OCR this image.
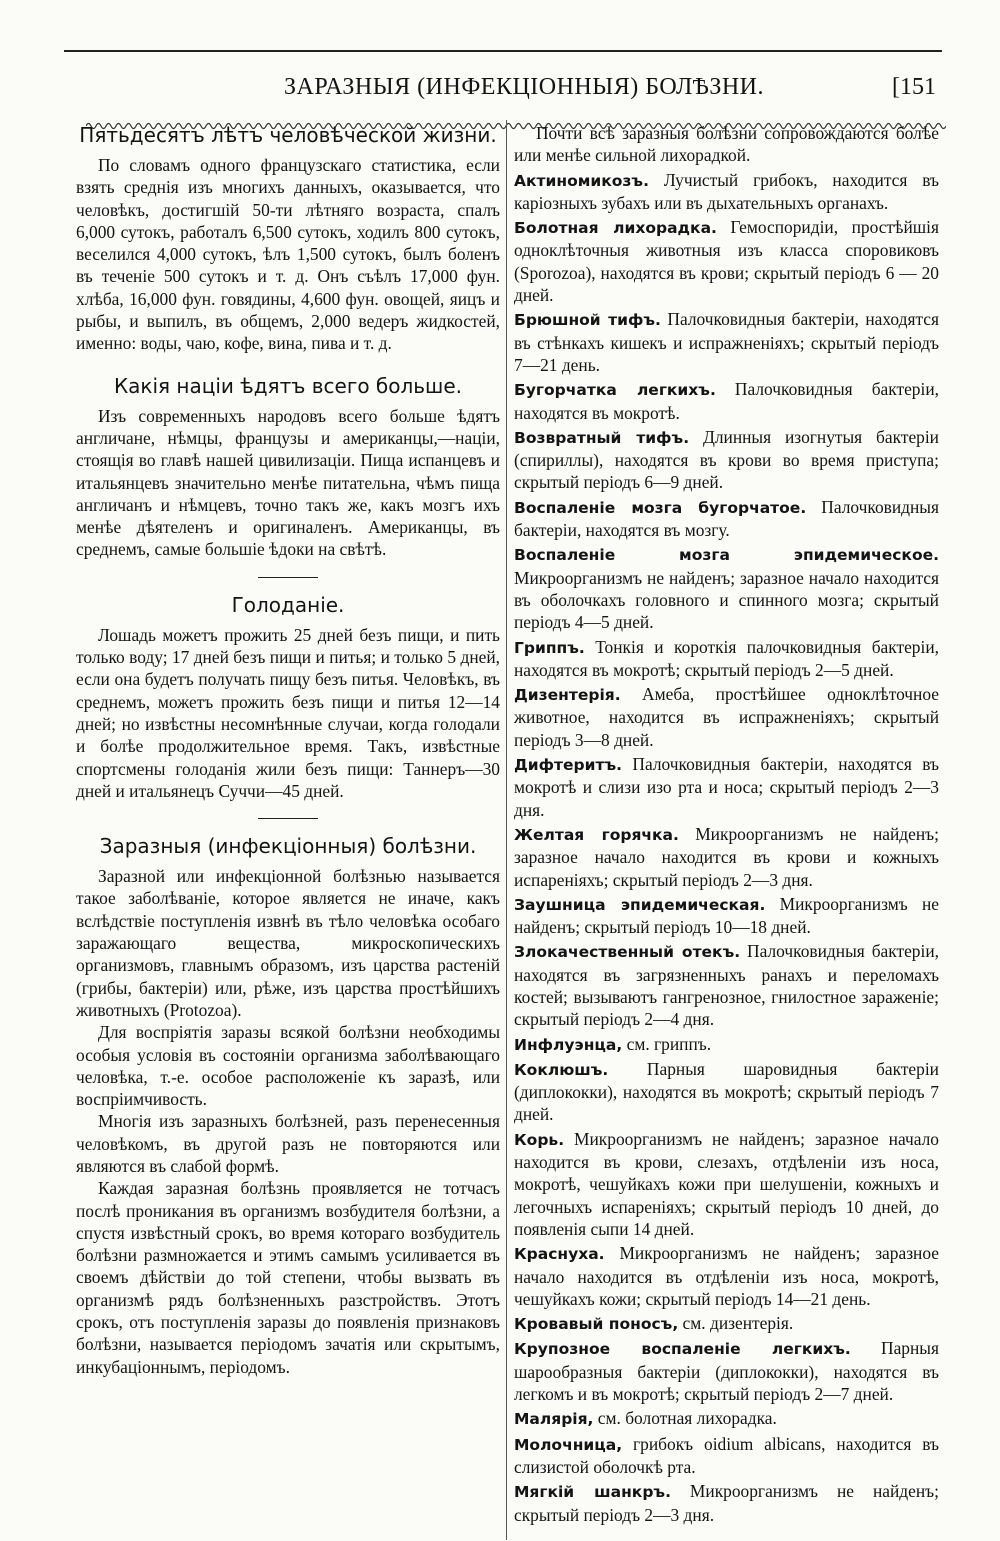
ЗАРАЗНЫЯ (ИНФЕКЦІОННЫЯ) БОЛѢЗНИ.	[151
Пятьдесятъ лѣтъ человѣческой жизни.

По словамъ одного французскаго статистика, если взять среднія изъ многихъ данныхъ, оказывается, что человѣкъ, достигшій 50-ти лѣтняго возраста, спалъ 6,000 сутокъ, работалъ 6,500 сутокъ, ходилъ 800 сутокъ, веселился 4,000 сутокъ, ѣлъ 1,500 сутокъ, былъ боленъ въ теченіе 500 сутокъ и т. д. Онъ съѣлъ 17,000 фун. хлѣба, 16,000 фун. говядины, 4,600 фун. овощей, яицъ и рыбы, и выпилъ, въ общемъ, 2,000 ведеръ жидкостей, именно: воды, чаю, кофе, вина, пива и т. д.

Какія націи ѣдятъ всего больше.

Изъ современныхъ народовъ всего больше ѣдятъ англичане, нѣмцы, французы и американцы,—націи, стоящія во главѣ нашей цивилизаціи. Пища испанцевъ и итальянцевъ значительно менѣе питательна, чѣмъ пища англичанъ и нѣмцевъ, точно такъ же, какъ мозгъ ихъ менѣе дѣятеленъ и оригиналенъ. Американцы, въ среднемъ, самые большіе ѣдоки на свѣтѣ.

Голоданіе.

Лошадь можетъ прожить 25 дней безъ пищи, и пить только воду; 17 дней безъ пищи и питья; и только 5 дней, если она будетъ получать пищу безъ питья. Человѣкъ, въ среднемъ, можетъ прожить безъ пищи и питья 12—14 дней; но извѣстны несомнѣнные случаи, когда голодали и болѣе продолжительное время. Такъ, извѣстные спортсмены голоданія жили безъ пищи: Таннеръ—30 дней и итальянецъ Суччи—45 дней.

Заразныя (инфекціонныя) болѣзни.

Заразной или инфекціонной болѣзнью называется такое заболѣваніе, которое является не иначе, какъ вслѣдствіе поступленія извнѣ въ тѣло человѣка особаго заражающаго вещества, микроскопическихъ организмовъ, главнымъ образомъ, изъ царства растеній (грибы, бактеріи) или, рѣже, изъ царства простѣйшихъ животныхъ (Protozoa).

Для воспріятія заразы всякой болѣзни необходимы особыя условія въ состояніи организма заболѣвающаго человѣка, т.-е. особое расположеніе къ заразѣ, или воспріимчивость.

Многія изъ заразныхъ болѣзней, разъ перенесенныя человѣкомъ, въ другой разъ не повторяются или являются въ слабой формѣ.

Каждая заразная болѣзнь проявляется не тотчасъ послѣ проникания въ организмъ возбудителя болѣзни, а спустя извѣстный срокъ, во время котораго возбудитель болѣзни размножается и этимъ самымъ усиливается въ своемъ дѣйствіи до той степени, чтобы вызвать въ организмѣ рядъ болѣзненныхъ разстройствъ. Этотъ срокъ, отъ поступленія заразы до появленія признаковъ болѣзни, называется періодомъ зачатія или скрытымъ, инкубаціоннымъ, періодомъ.

Почти всѣ заразныя болѣзни сопровождаются болѣе или менѣе сильной лихорадкой.

Актиномикозъ. Лучистый грибокъ, находится въ каріозныхъ зубахъ или въ дыхательныхъ органахъ.

Болотная лихорадка. Гемоспоридіи, простѣйшія одноклѣточныя животныя изъ класса споровиковъ (Sporozoa), находятся въ крови; скрытый періодъ 6 — 20 дней.

Брюшной тифъ. Палочковидныя бактеріи, находятся въ стѣнкахъ кишекъ и испражненіяхъ; скрытый періодъ 7—21 день.

Бугорчатка легкихъ. Палочковидныя бактеріи, находятся въ мокротѣ.

Возвратный тифъ. Длинныя изогнутыя бактеріи (спириллы), находятся въ крови во время приступа; скрытый періодъ 6—9 дней.

Воспаленіе мозга бугорчатое. Палочковидныя бактеріи, находятся въ мозгу.

Воспаленіе мозга эпидемическое. Микроорганизмъ не найденъ; заразное начало находится въ оболочкахъ головного и спинного мозга; скрытый періодъ 4—5 дней.

Гриппъ. Тонкія и короткія палочковидныя бактеріи, находятся въ мокротѣ; скрытый періодъ 2—5 дней.

Дизентерія. Амеба, простѣйшее одноклѣточное животное, находится въ испражненіяхъ; скрытый періодъ 3—8 дней.

Дифтеритъ. Палочковидныя бактеріи, находятся въ мокротѣ и слизи изо рта и носа; скрытый періодъ 2—3 дня.

Желтая горячка. Микроорганизмъ не найденъ; заразное начало находится въ крови и кожныхъ испареніяхъ; скрытый періодъ 2—3 дня.

Заушница эпидемическая. Микроорганизмъ не найденъ; скрытый періодъ 10—18 дней.

Злокачественный отекъ. Палочковидныя бактеріи, находятся въ загрязненныхъ ранахъ и переломахъ костей; вызываютъ гангренозное, гнилостное зараженіе; скрытый періодъ 2—4 дня.

Инфлуэнца, см. гриппъ.

Коклюшъ. Парныя шаровидныя бактеріи (диплококки), находятся въ мокротѣ; скрытый періодъ 7 дней.

Корь. Микроорганизмъ не найденъ; заразное начало находится въ крови, слезахъ, отдѣленіи изъ носа, мокротѣ, чешуйкахъ кожи при шелушеніи, кожныхъ и легочныхъ испареніяхъ; скрытый періодъ 10 дней, до появленія сыпи 14 дней.

Краснуха. Микроорганизмъ не найденъ; заразное начало находится въ отдѣленіи изъ носа, мокротѣ, чешуйкахъ кожи; скрытый періодъ 14—21 день.

Кровавый поносъ, см. дизентерія.

Крупозное воспаленіе легкихъ. Парныя шарообразныя бактеріи (диплококки), находятся въ легкомъ и въ мокротѣ; скрытый періодъ 2—7 дней.

Малярія, см. болотная лихорадка.

Молочница, грибокъ oidium albicans, находится въ слизистой оболочкѣ рта.

Мягкій шанкръ. Микроорганизмъ не найденъ; скрытый періодъ 2—3 дня.
